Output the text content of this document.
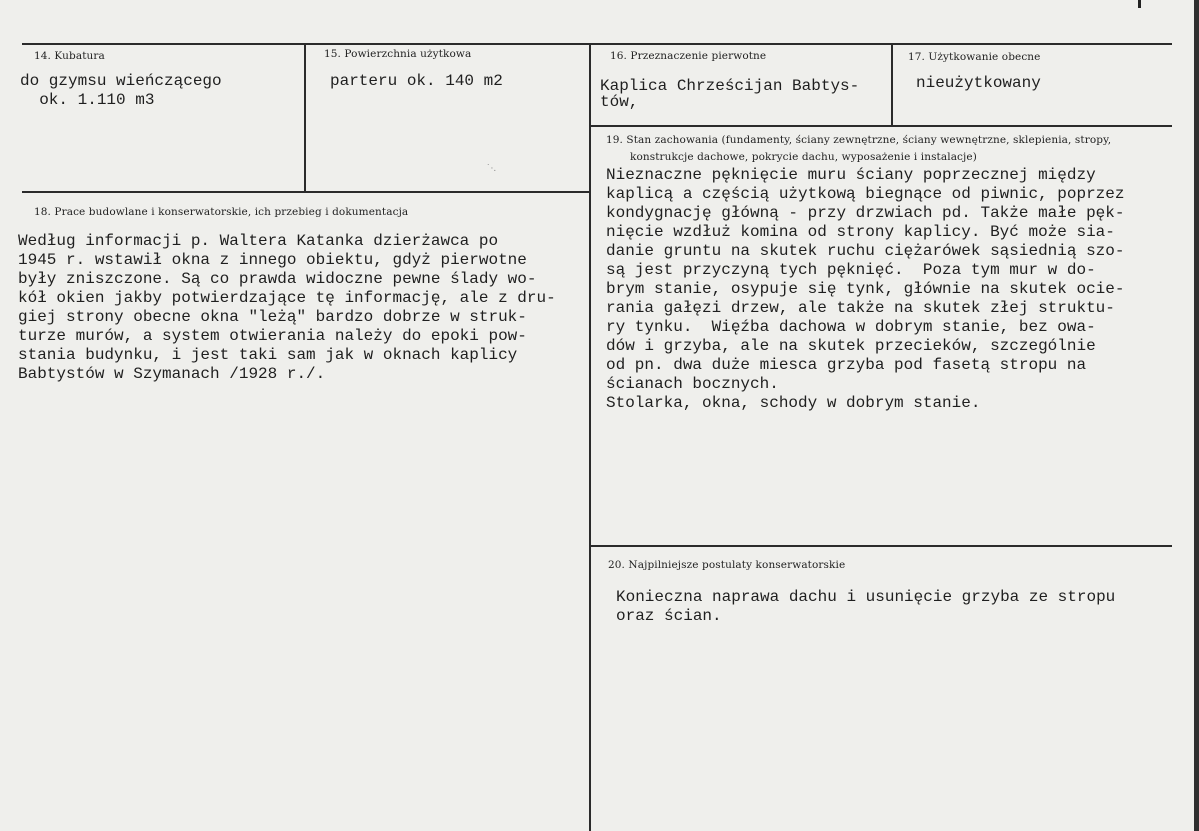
14. Kubatura
do gzymsu wieńczącego
ok. 1.110 m3
15. Powierzchnia użytkowa
parteru ok. 140 m2
˙·.
16. Przeznaczenie pierwotne
Kaplica Chrześcijan Babtys-
tów,
17. Użytkowanie obecne
nieużytkowany
19. Stan zachowania (fundamenty, ściany zewnętrzne, ściany wewnętrzne, sklepienia, stropy,
konstrukcje dachowe, pokrycie dachu, wyposażenie i instalacje)
Nieznaczne pęknięcie muru ściany poprzecznej między
kaplicą a częścią użytkową biegnące od piwnic, poprzez
kondygnację główną - przy drzwiach pd. Także małe pęk-
nięcie wzdłuż komina od strony kaplicy. Być może sia-
danie gruntu na skutek ruchu ciężarówek sąsiednią szo-
są jest przyczyną tych pęknięć.  Poza tym mur w do-
brym stanie, osypuje się tynk, głównie na skutek ocie-
rania gałęzi drzew, ale także na skutek złej struktu-
ry tynku.  Więźba dachowa w dobrym stanie, bez owa-
dów i grzyba, ale na skutek przecieków, szczególnie
od pn. dwa duże miesca grzyba pod fasetą stropu na
ścianach bocznych.
Stolarka, okna, schody w dobrym stanie.
18. Prace budowlane i konserwatorskie, ich przebieg i dokumentacja
Według informacji p. Waltera Katanka dzierżawca po
1945 r. wstawił okna z innego obiektu, gdyż pierwotne
były zniszczone. Są co prawda widoczne pewne ślady wo-
kół okien jakby potwierdzające tę informację, ale z dru-
giej strony obecne okna "leżą" bardzo dobrze w struk-
turze murów, a system otwierania należy do epoki pow-
stania budynku, i jest taki sam jak w oknach kaplicy
Babtystów w Szymanach /1928 r./.
20. Najpilniejsze postulaty konserwatorskie
Konieczna naprawa dachu i usunięcie grzyba ze stropu
oraz ścian.
